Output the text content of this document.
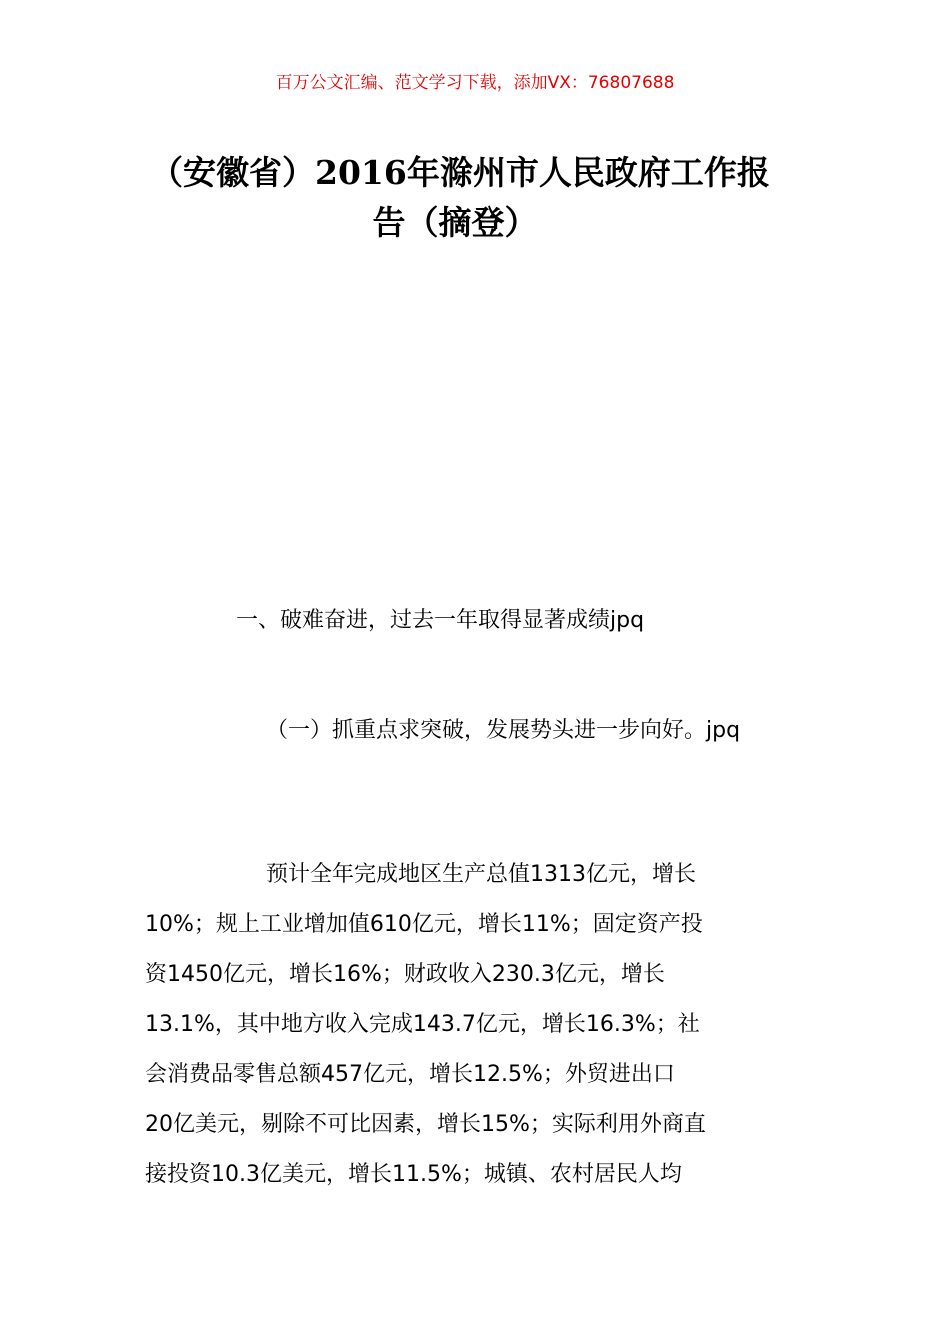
百万公文汇编、范文学习下载，添加VX：76807688
（安徽省）2016年滁州市人民政府工作报
告（摘登）
一、破难奋进，过去一年取得显著成绩jpq
（一）抓重点求突破，发展势头进一步向好。jpq
预计全年完成地区生产总值1313亿元，增长
10%；规上工业增加值610亿元，增长11%；固定资产投
资1450亿元，增长16%；财政收入230.3亿元，增长
13.1%，其中地方收入完成143.7亿元，增长16.3%；社
会消费品零售总额457亿元，增长12.5%；外贸进出口
20亿美元，剔除不可比因素，增长15%；实际利用外商直
接投资10.3亿美元，增长11.5%；城镇、农村居民人均
